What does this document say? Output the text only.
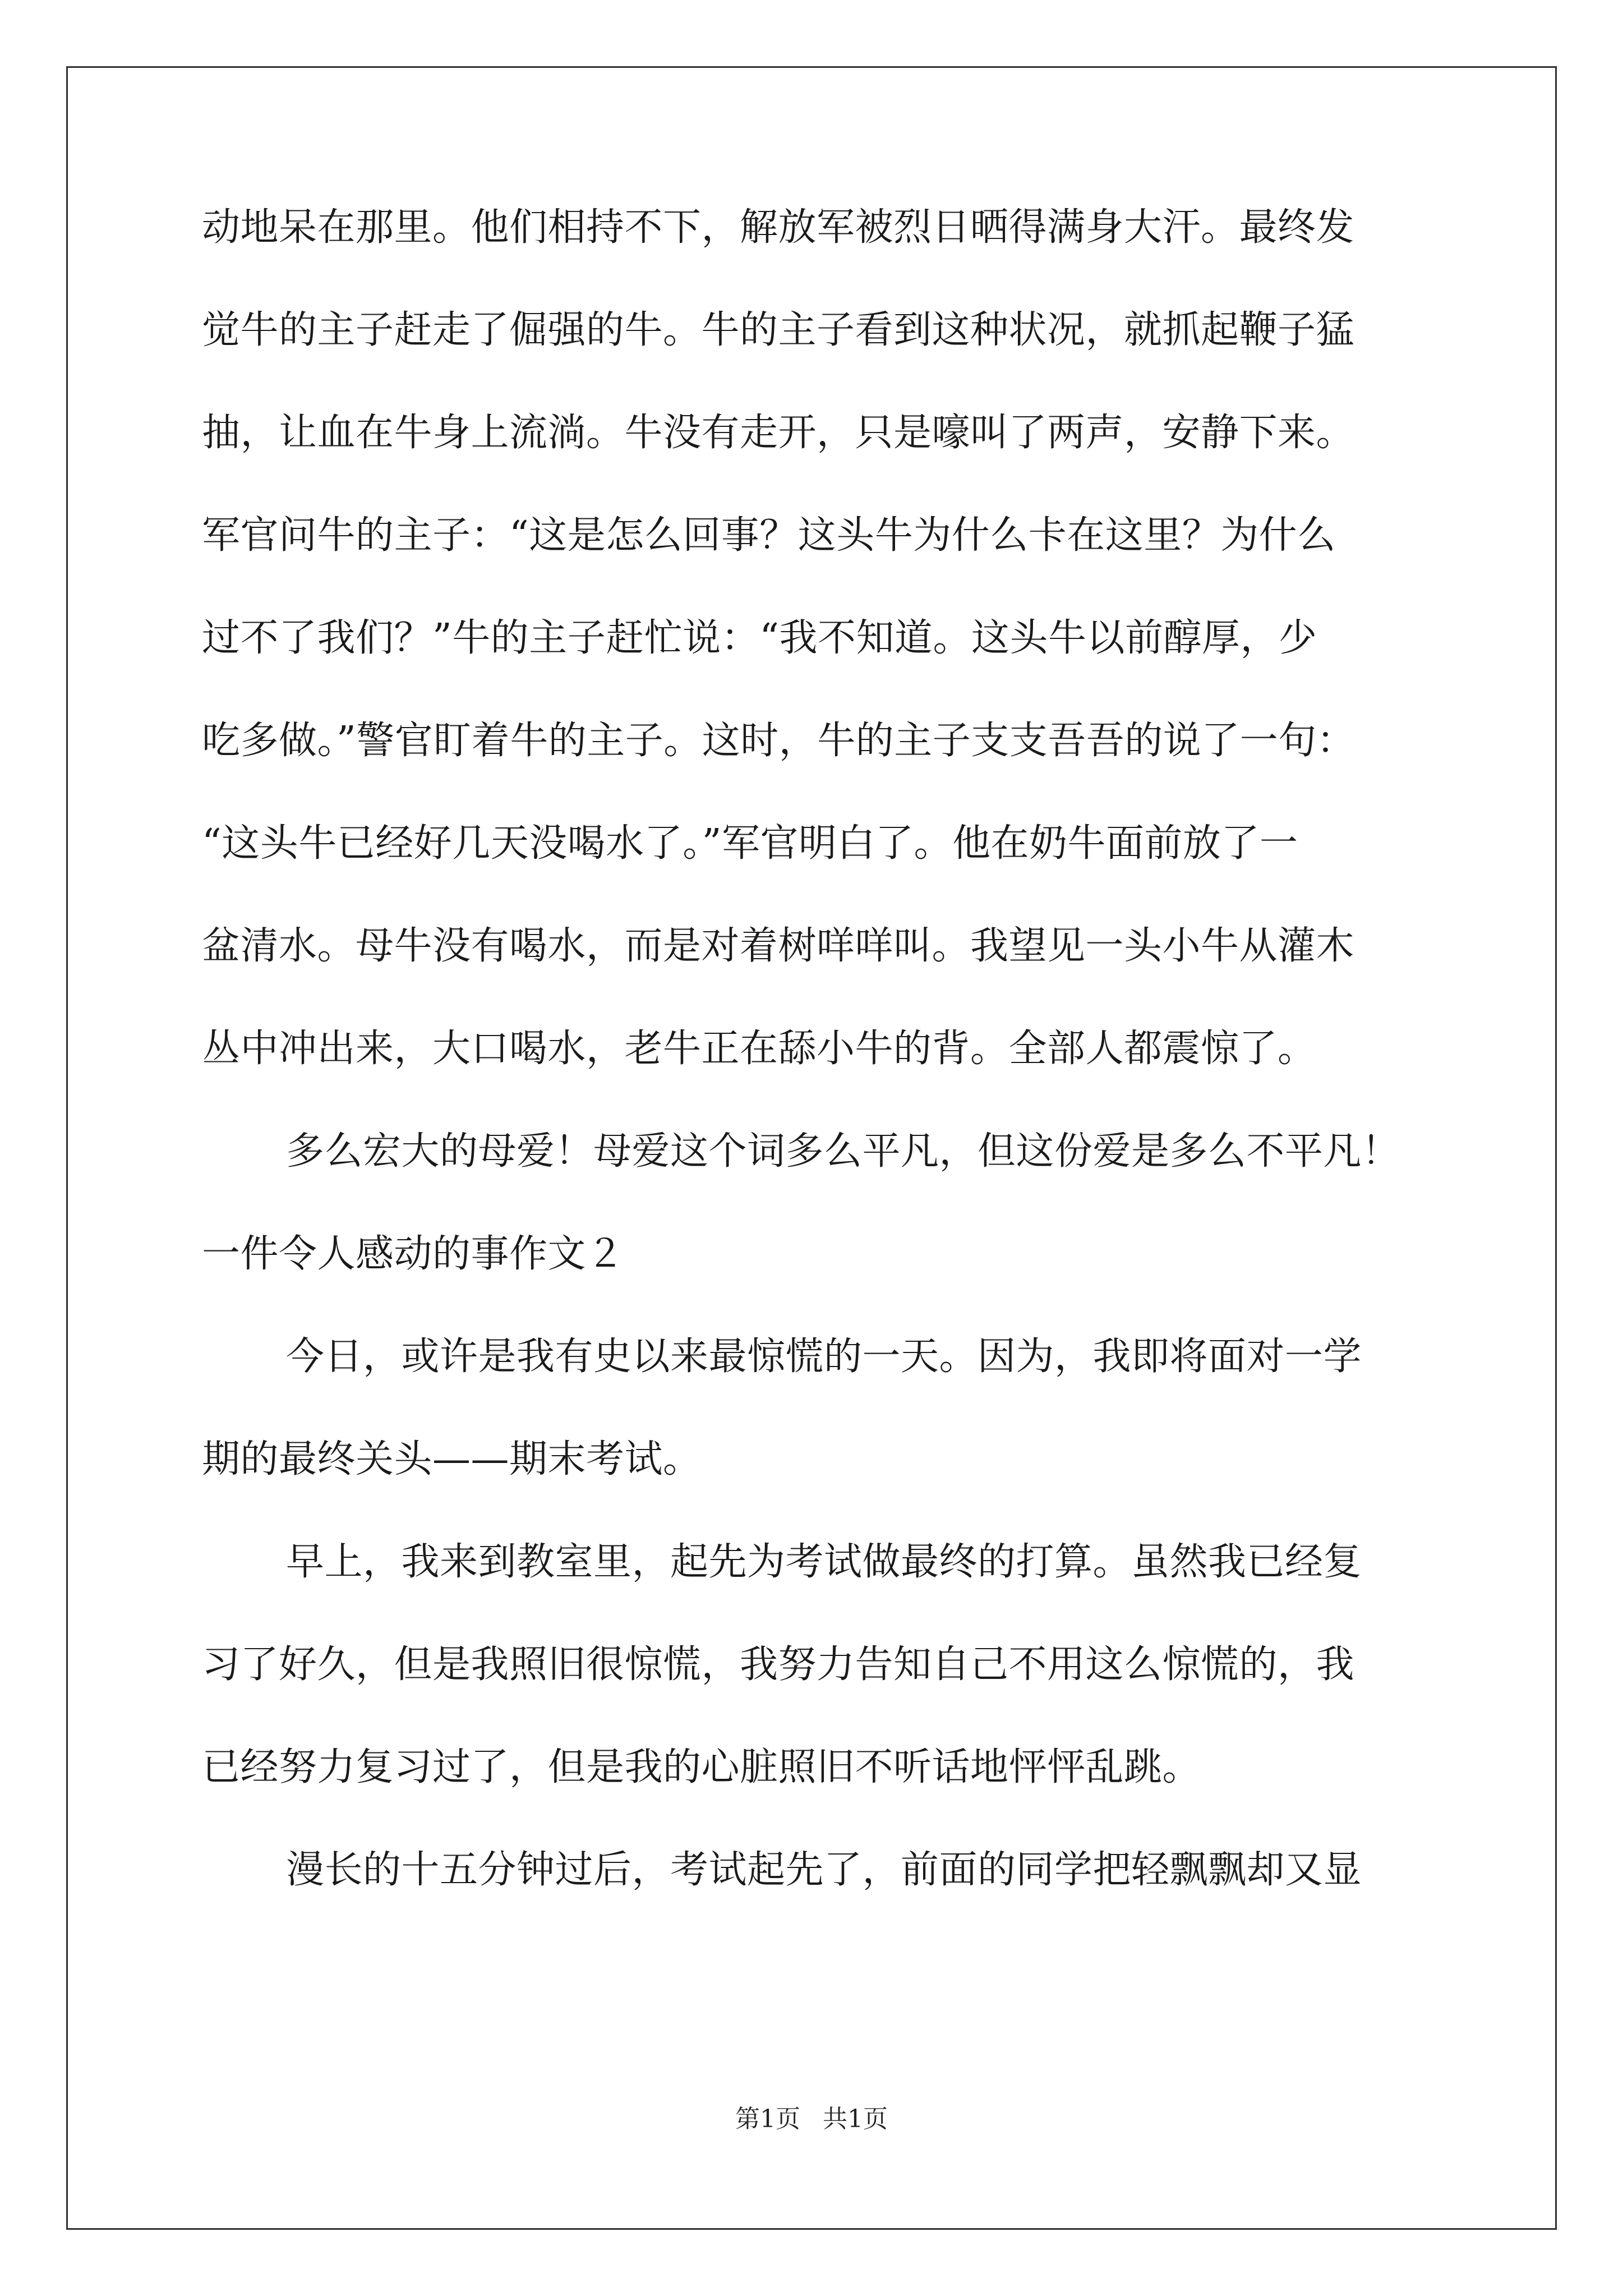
动地呆在那里。他们相持不下，解放军被烈日晒得满身大汗。最终发
觉牛的主子赶走了倔强的牛。牛的主子看到这种状况，就抓起鞭子猛
抽，让血在牛身上流淌。牛没有走开，只是嚎叫了两声，安静下来。
军官问牛的主子：“这是怎么回事？这头牛为什么卡在这里？为什么
过不了我们？”牛的主子赶忙说：“我不知道。这头牛以前醇厚，少
吃多做。”警官盯着牛的主子。这时，牛的主子支支吾吾的说了一句：
“这头牛已经好几天没喝水了。”军官明白了。他在奶牛面前放了一
盆清水。母牛没有喝水，而是对着树咩咩叫。我望见一头小牛从灌木
丛中冲出来，大口喝水，老牛正在舔小牛的背。全部人都震惊了。
多么宏大的母爱！母爱这个词多么平凡，但这份爱是多么不平凡！
一件令人感动的事作文２
今日，或许是我有史以来最惊慌的一天。因为，我即将面对一学
期的最终关头——期末考试。
早上，我来到教室里，起先为考试做最终的打算。虽然我已经复
习了好久，但是我照旧很惊慌，我努力告知自己不用这么惊慌的，我
已经努力复习过了，但是我的心脏照旧不听话地怦怦乱跳。
漫长的十五分钟过后，考试起先了，前面的同学把轻飘飘却又显
第1页 共1页
